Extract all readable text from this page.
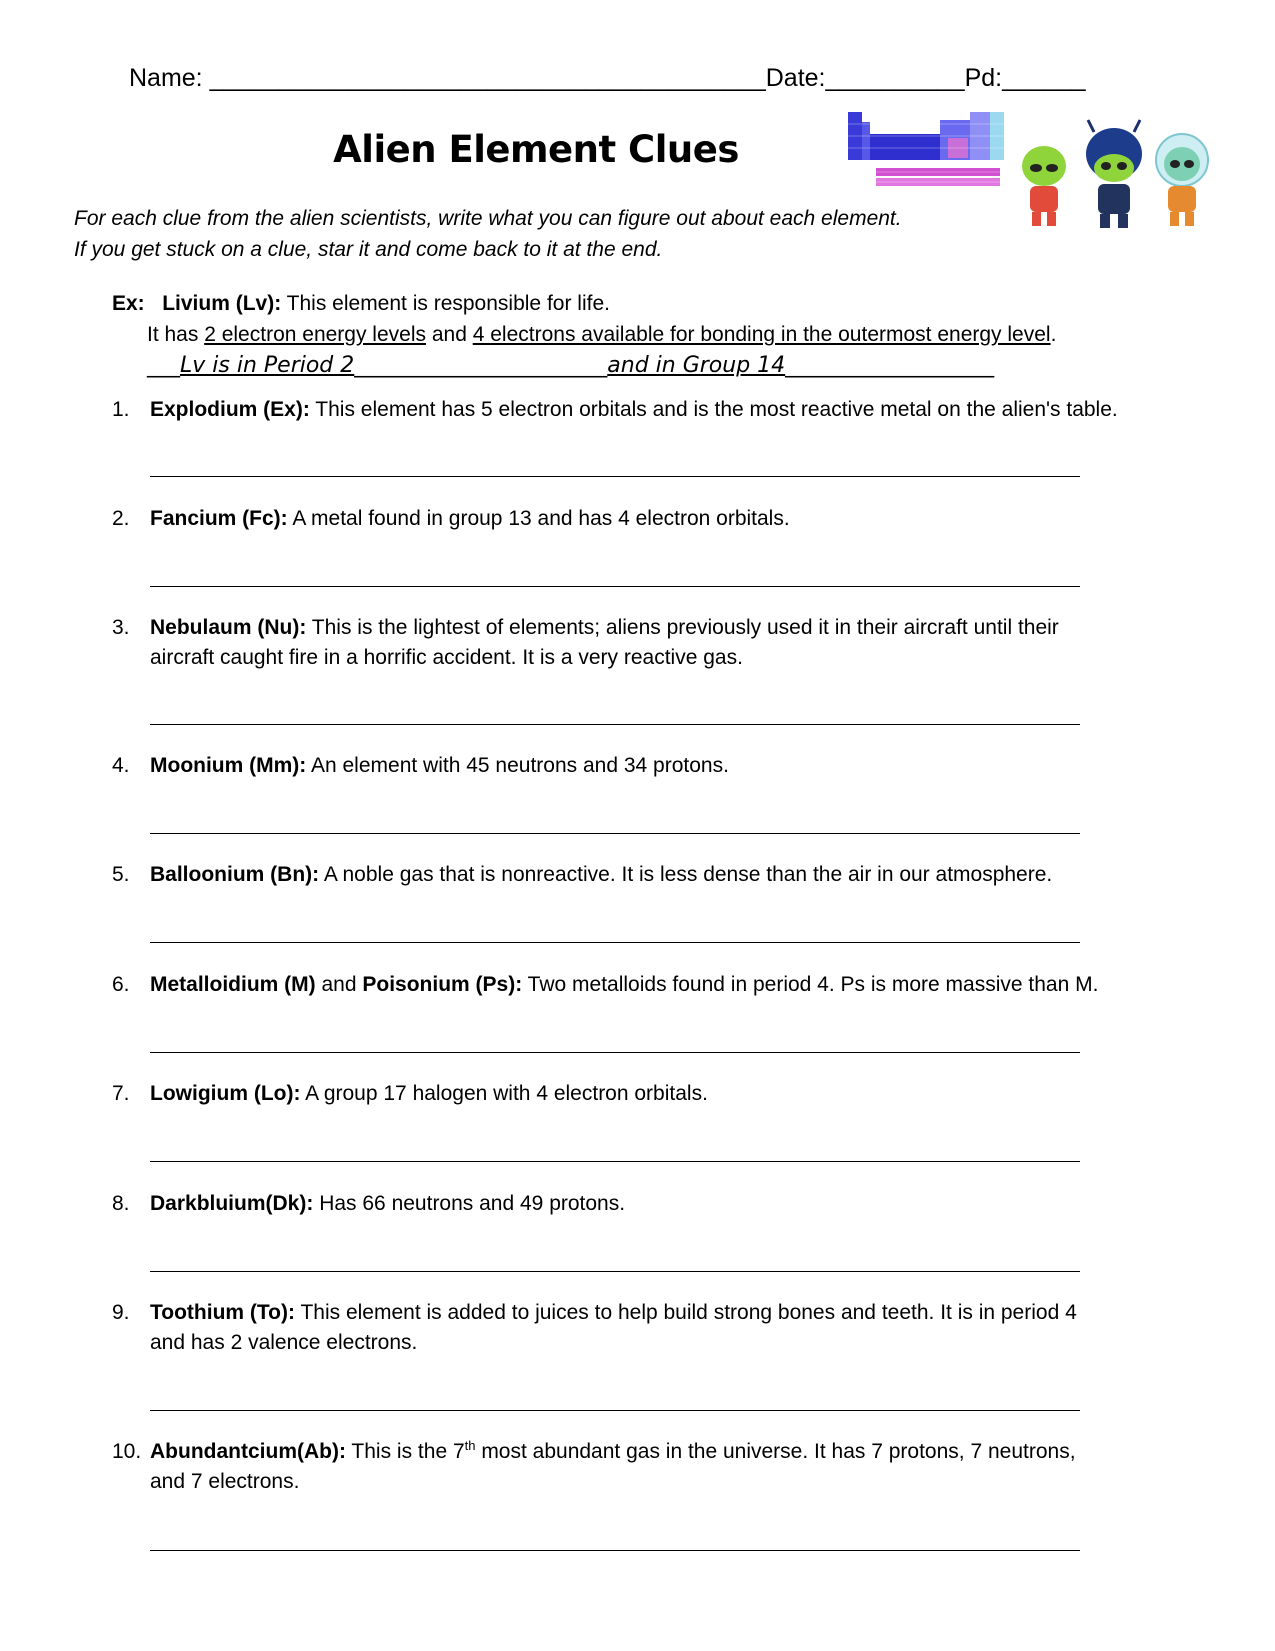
Name: ________________________________________Date:__________Pd:______
Alien Element Clues
For each clue from the alien scientists, write what you can figure out about each element.
If you get stuck on a clue, star it and come back to it at the end.
Ex: Livium (Lv): This element is responsible for life.
It has 2 electron energy levels and 4 electrons available for bonding in the outermost energy level.
___Lv is in Period 2_______________________and in Group 14___________________
1. Explodium (Ex): This element has 5 electron orbitals and is the most reactive metal on the alien's table.
2. Fancium (Fc): A metal found in group 13 and has 4 electron orbitals.
3. Nebulaum (Nu): This is the lightest of elements; aliens previously used it in their aircraft until their
aircraft caught fire in a horrific accident. It is a very reactive gas.
4. Moonium (Mm): An element with 45 neutrons and 34 protons.
5. Balloonium (Bn): A noble gas that is nonreactive. It is less dense than the air in our atmosphere.
6. Metalloidium (M) and Poisonium (Ps): Two metalloids found in period 4. Ps is more massive than M.
7. Lowigium (Lo): A group 17 halogen with 4 electron orbitals.
8. Darkbluium(Dk): Has 66 neutrons and 49 protons.
9. Toothium (To): This element is added to juices to help build strong bones and teeth. It is in period 4
and has 2 valence electrons.
10. Abundantcium(Ab): This is the 7th most abundant gas in the universe. It has 7 protons, 7 neutrons,
and 7 electrons.
